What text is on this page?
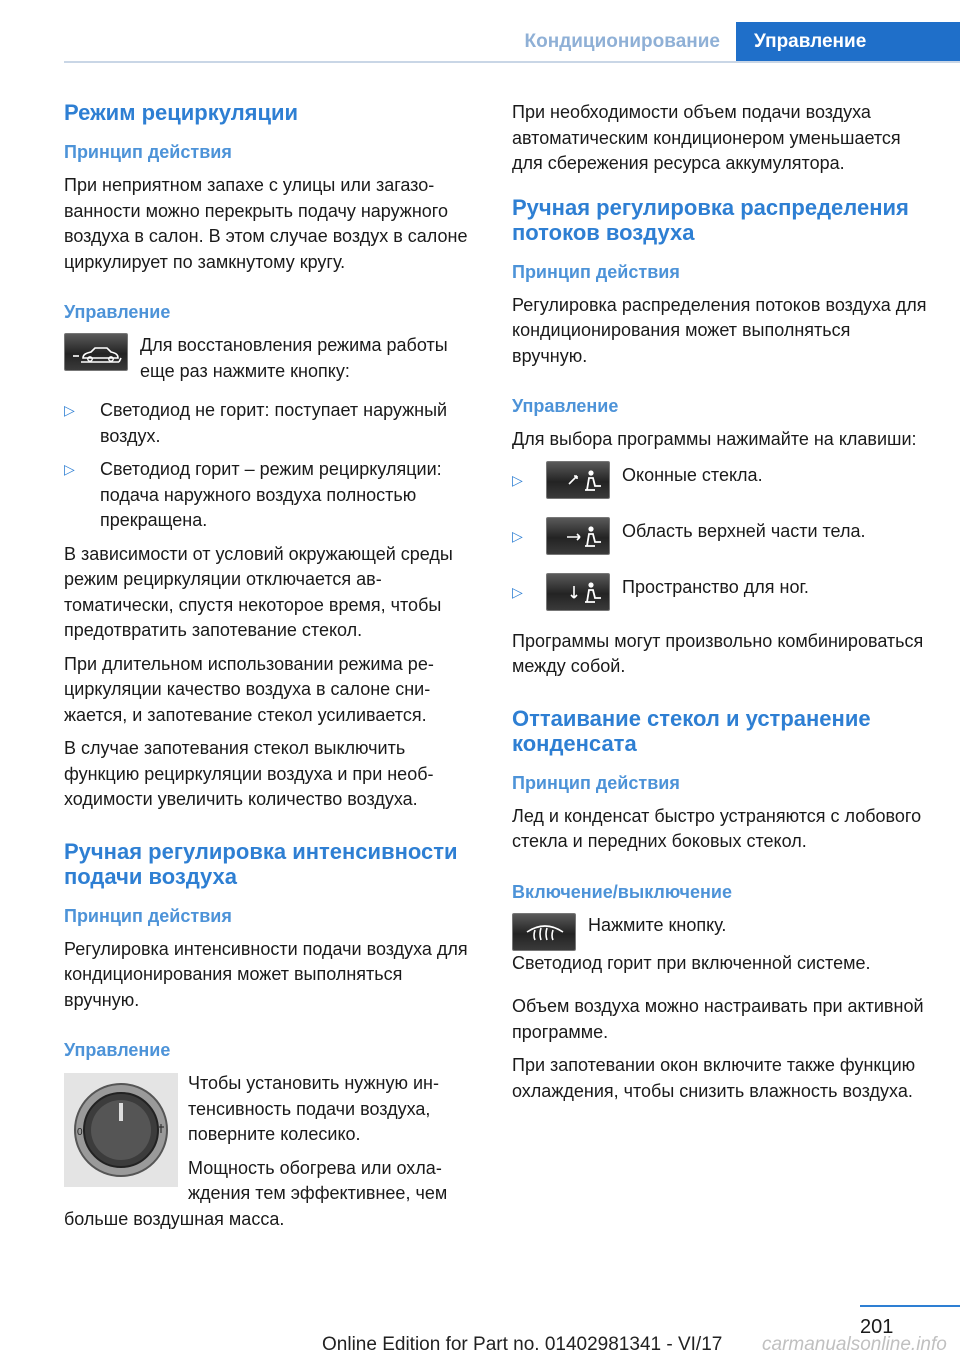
Кондиционирование	Управление
Режим рециркуляции
Принцип действия

При неприятном запахе с улицы или загазованности можно перекрыть подачу наружного воздуха в салон. В этом случае воздух в салоне циркулирует по замкнутому кругу.

Управление

Для восстановления режима работы еще раз нажмите кнопку:

▷	Светодиод не горит: поступает наружный воздух.
▷	Светодиод горит – режим рециркуляции: подача наружного воздуха полностью прекращена.

В зависимости от условий окружающей среды режим рециркуляции отключается автоматически, спустя некоторое время, чтобы предотвратить запотевание стекол.

При длительном использовании режима рециркуляции качество воздуха в салоне снижается, и запотевание стекол усиливается.

В случае запотевания стекол выключить функцию рециркуляции воздуха и при необходимости увеличить количество воздуха.

Ручная регулировка интенсивности подачи воздуха
Принцип действия

Регулировка интенсивности подачи воздуха для кондиционирования может выполняться вручную.

Управление
0

Чтобы установить нужную интенсивность подачи воздуха, поверните колесико.

Мощность обогрева или охлаждения тем эффективнее, чем больше воздушная масса.

При необходимости объем подачи воздуха автоматическим кондиционером уменьшается для сбережения ресурса аккумулятора.

Ручная регулировка распределения потоков воздуха
Принцип действия

Регулировка распределения потоков воздуха для кондиционирования может выполняться вручную.

Управление

Для выбора программы нажимайте на клавиши:

▷	Оконные стекла.
▷	Область верхней части тела.
▷	Пространство для ног.

Программы могут произвольно комбинироваться между собой.

Оттаивание стекол и устранение конденсата
Принцип действия

Лед и конденсат быстро устраняются с лобового стекла и передних боковых стекол.

Включение/выключение

Нажмите кнопку.

Светодиод горит при включенной системе.

Объем воздуха можно настраивать при активной программе.

При запотевании окон включите также функцию охлаждения, чтобы снизить влажность воздуха.

201
Online Edition for Part no. 01402981341 - VI/17 carmanualsonline.info
